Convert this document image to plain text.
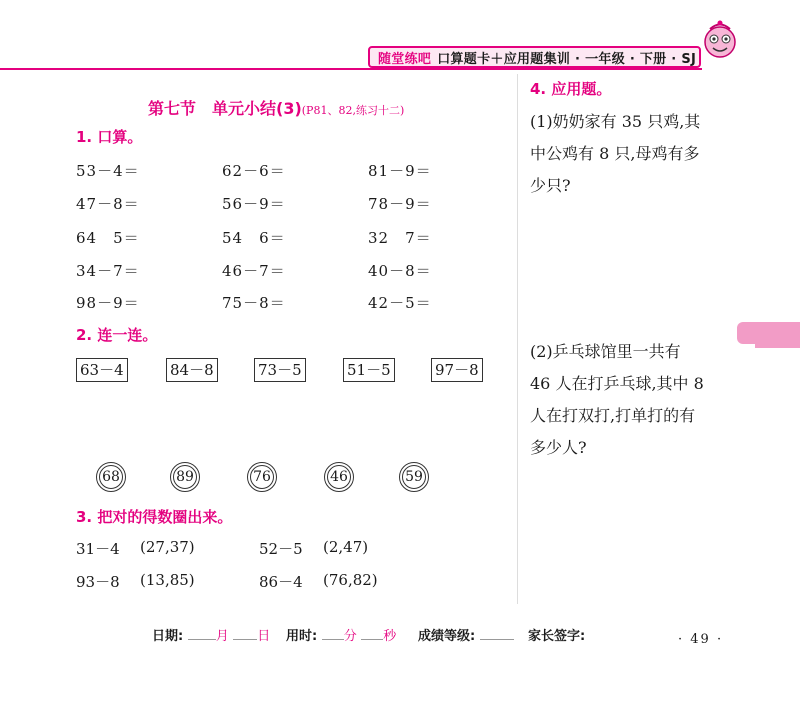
随堂练吧 口算题卡＋应用题集训 · 一年级 · 下册 · SJ
第七节　单元小结(3)(P81、82,练习十二)
1. 口算。
53－4＝	62－6＝	81－9＝
47－8＝	56－9＝	78－9＝
64　5＝	54　6＝	32　7＝
34－7＝	46－7＝	40－8＝
98－9＝	75－8＝	42－5＝
2. 连一连。
63－4	84－8	73－5	51－5	97－8
68	89	76	46	59
3. 把对的得数圈出来。
31－4 (27,37)	52－5 (2,47)
93－8 (13,85)	86－4 (76,82)
4. 应用题。
(1)奶奶家有 35 只鸡,其
中公鸡有 8 只,母鸡有多
少只?
(2)乒乓球馆里一共有
46 人在打乒乓球,其中 8
人在打双打,打单打的有
多少人?
日期:	月 日 用时: 分 秒 成绩等级:	家长签字:	· 49 ·
